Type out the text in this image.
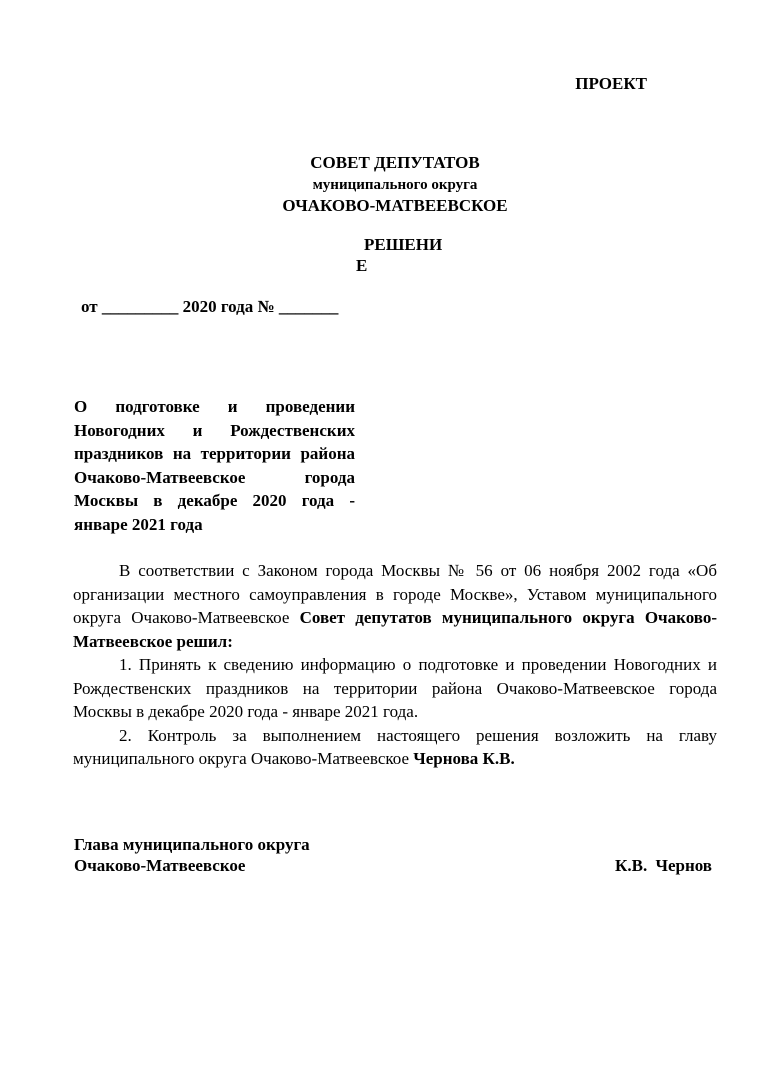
ПРОЕКТ
СОВЕТ ДЕПУТАТОВ
муниципального округа
ОЧАКОВО-МАТВЕЕВСКОЕ
РЕШЕНИ
Е
от _________ 2020 года № _______
О подготовке и проведении
Новогодних и Рождественских
праздников на территории района
Очаково-Матвеевское города
Москвы в декабре 2020 года -
январе 2021 года

В соответствии с Законом города Москвы № 56 от 06 ноября 2002 года «Об организации местного самоуправления в городе Москве», Уставом муниципального округа Очаково-Матвеевское Совет депутатов муниципального округа Очаково-Матвеевское решил:

1. Принять к сведению информацию о подготовке и проведении Новогодних и Рождественских праздников на территории района Очаково-Матвеевское города Москвы в декабре 2020 года - январе 2021 года.

2. Контроль за выполнением настоящего решения возложить на главу муниципального округа Очаково-Матвеевское Чернова К.В.

Глава муниципального округа
Очаково-Матвеевское	К.В. Чернов
